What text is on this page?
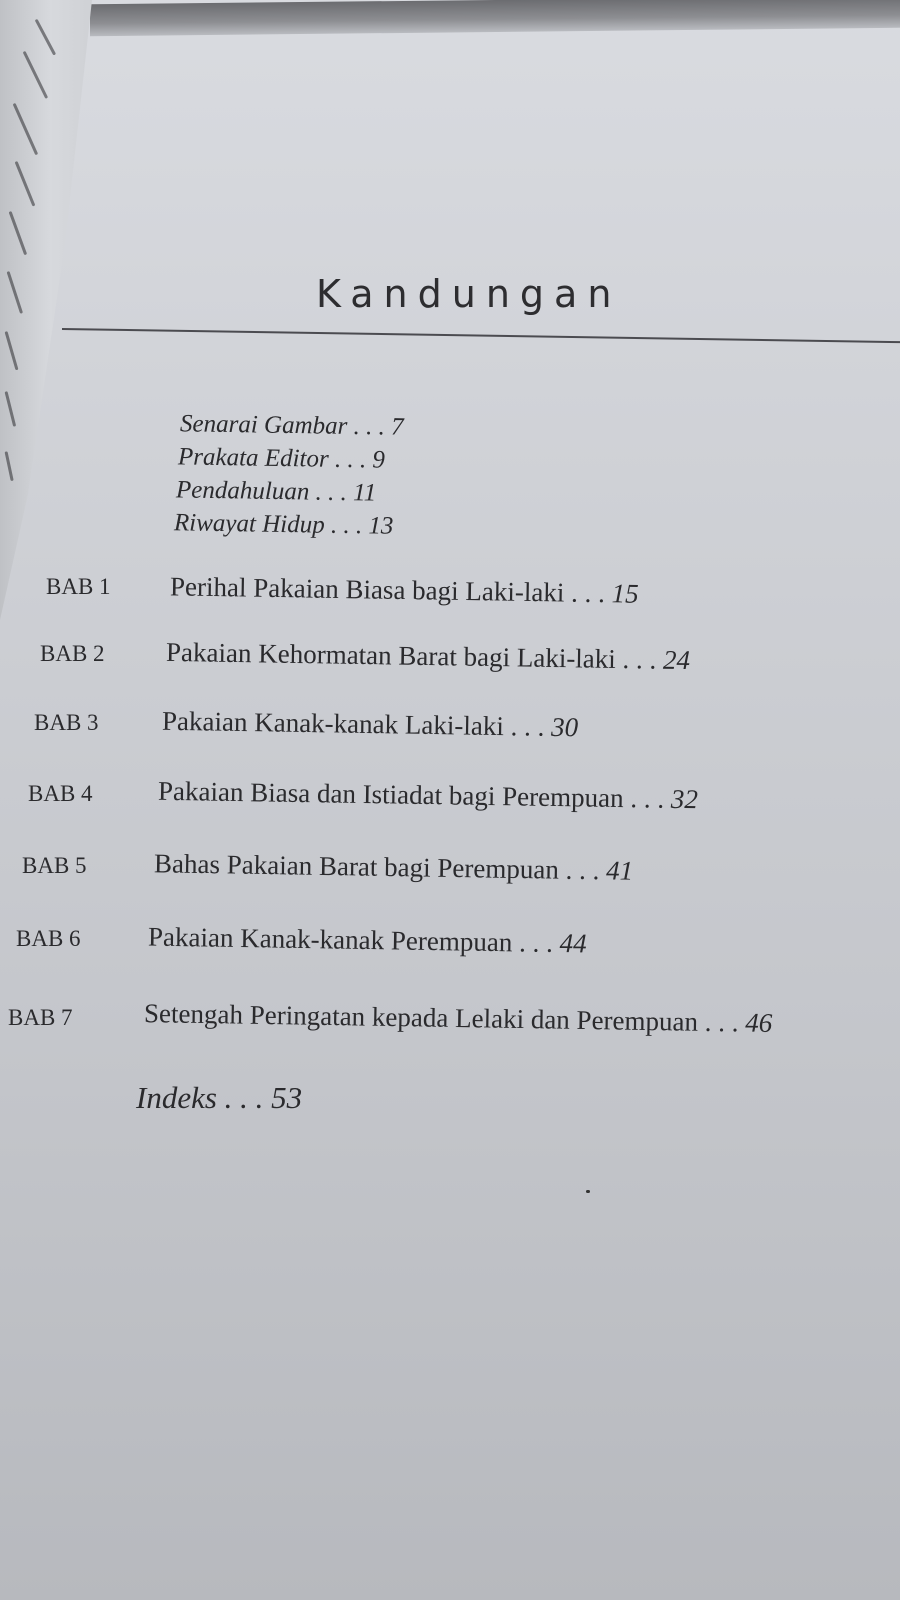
Kandungan
Senarai Gambar . . . 7
Prakata Editor . . . 9
Pendahuluan . . . 11
Riwayat Hidup . . . 13
BAB 1 Perihal Pakaian Biasa bagi Laki-laki . . . 15
BAB 2 Pakaian Kehormatan Barat bagi Laki-laki . . . 24
BAB 3 Pakaian Kanak-kanak Laki-laki . . . 30
BAB 4 Pakaian Biasa dan Istiadat bagi Perempuan . . . 32
BAB 5 Bahas Pakaian Barat bagi Perempuan . . . 41
BAB 6 Pakaian Kanak-kanak Perempuan . . . 44
BAB 7	Setengah Peringatan kepada Lelaki dan Perempuan . . . 46
Indeks . . . 53
